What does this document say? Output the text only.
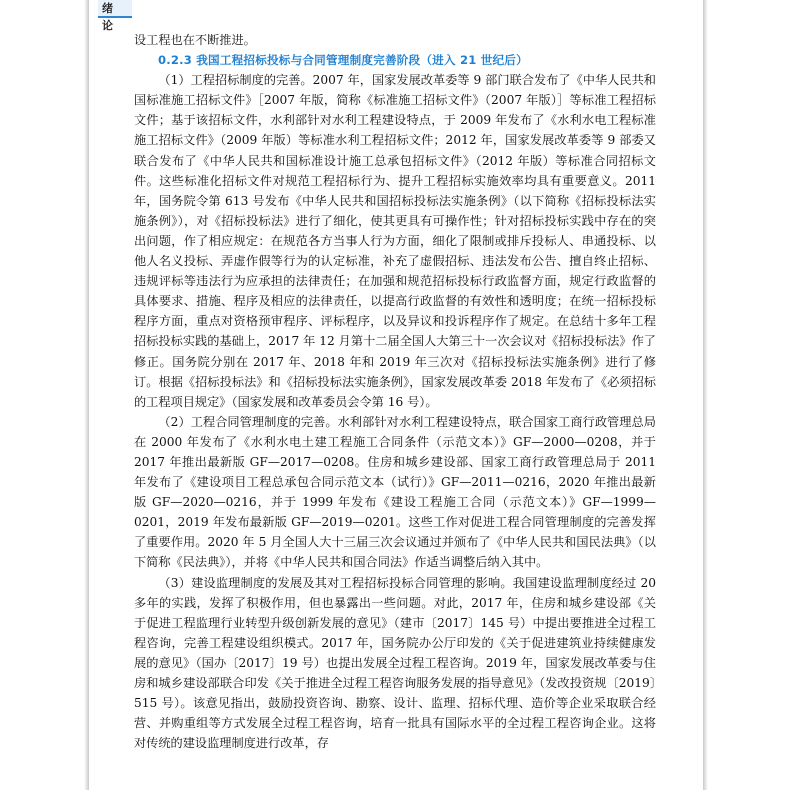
绪 论

设工程也在不断推进。

0.2.3 我国工程招标投标与合同管理制度完善阶段（进入 21 世纪后）

（1）工程招标制度的完善。2007 年，国家发展改革委等 9 部门联合发布了《中华人民共和国标准施工招标文件》［2007 年版，简称《标准施工招标文件》（2007 年版）］等标准工程招标文件；基于该招标文件，水利部针对水利工程建设特点，于 2009 年发布了《水利水电工程标准施工招标文件》（2009 年版）等标准水利工程招标文件；2012 年，国家发展改革委等 9 部委又联合发布了《中华人民共和国标准设计施工总承包招标文件》（2012 年版）等标准合同招标文件。这些标准化招标文件对规范工程招标行为、提升工程招标实施效率均具有重要意义。2011 年，国务院令第 613 号发布《中华人民共和国招标投标法实施条例》（以下简称《招标投标法实施条例》），对《招标投标法》进行了细化，使其更具有可操作性；针对招标投标实践中存在的突出问题，作了相应规定：在规范各方当事人行为方面，细化了限制或排斥投标人、串通投标、以他人名义投标、弄虚作假等行为的认定标准，补充了虚假招标、违法发布公告、擅自终止招标、违规评标等违法行为应承担的法律责任；在加强和规范招标投标行政监督方面，规定行政监督的具体要求、措施、程序及相应的法律责任，以提高行政监督的有效性和透明度；在统一招标投标程序方面，重点对资格预审程序、评标程序，以及异议和投诉程序作了规定。在总结十多年工程招标投标实践的基础上，2017 年 12 月第十二届全国人大第三十一次会议对《招标投标法》作了修正。国务院分别在 2017 年、2018 年和 2019 年三次对《招标投标法实施条例》进行了修订。根据《招标投标法》和《招标投标法实施条例》，国家发展改革委 2018 年发布了《必须招标的工程项目规定》（国家发展和改革委员会令第 16 号）。

（2）工程合同管理制度的完善。水利部针对水利工程建设特点，联合国家工商行政管理总局在 2000 年发布了《水利水电土建工程施工合同条件（示范文本）》GF—2000—0208，并于 2017 年推出最新版 GF—2017—0208。住房和城乡建设部、国家工商行政管理总局于 2011 年发布了《建设项目工程总承包合同示范文本（试行）》GF—2011—0216，2020 年推出最新版 GF—2020—0216，并于 1999 年发布《建设工程施工合同（示范文本）》GF—1999—0201，2019 年发布最新版 GF—2019—0201。这些工作对促进工程合同管理制度的完善发挥了重要作用。2020 年 5 月全国人大十三届三次会议通过并颁布了《中华人民共和国民法典》（以下简称《民法典》），并将《中华人民共和国合同法》作适当调整后纳入其中。

（3）建设监理制度的发展及其对工程招标投标合同管理的影响。我国建设监理制度经过 20 多年的实践，发挥了积极作用，但也暴露出一些问题。对此，2017 年，住房和城乡建设部《关于促进工程监理行业转型升级创新发展的意见》（建市〔2017〕145 号）中提出要推进全过程工程咨询，完善工程建设组织模式。2017 年，国务院办公厅印发的《关于促进建筑业持续健康发展的意见》（国办〔2017〕19 号）也提出发展全过程工程咨询。2019 年，国家发展改革委与住房和城乡建设部联合印发《关于推进全过程工程咨询服务发展的指导意见》（发改投资规〔2019〕515 号）。该意见指出，鼓励投资咨询、勘察、设计、监理、招标代理、造价等企业采取联合经营、并购重组等方式发展全过程工程咨询，培育一批具有国际水平的全过程工程咨询企业。这将对传统的建设监理制度进行改革，存
